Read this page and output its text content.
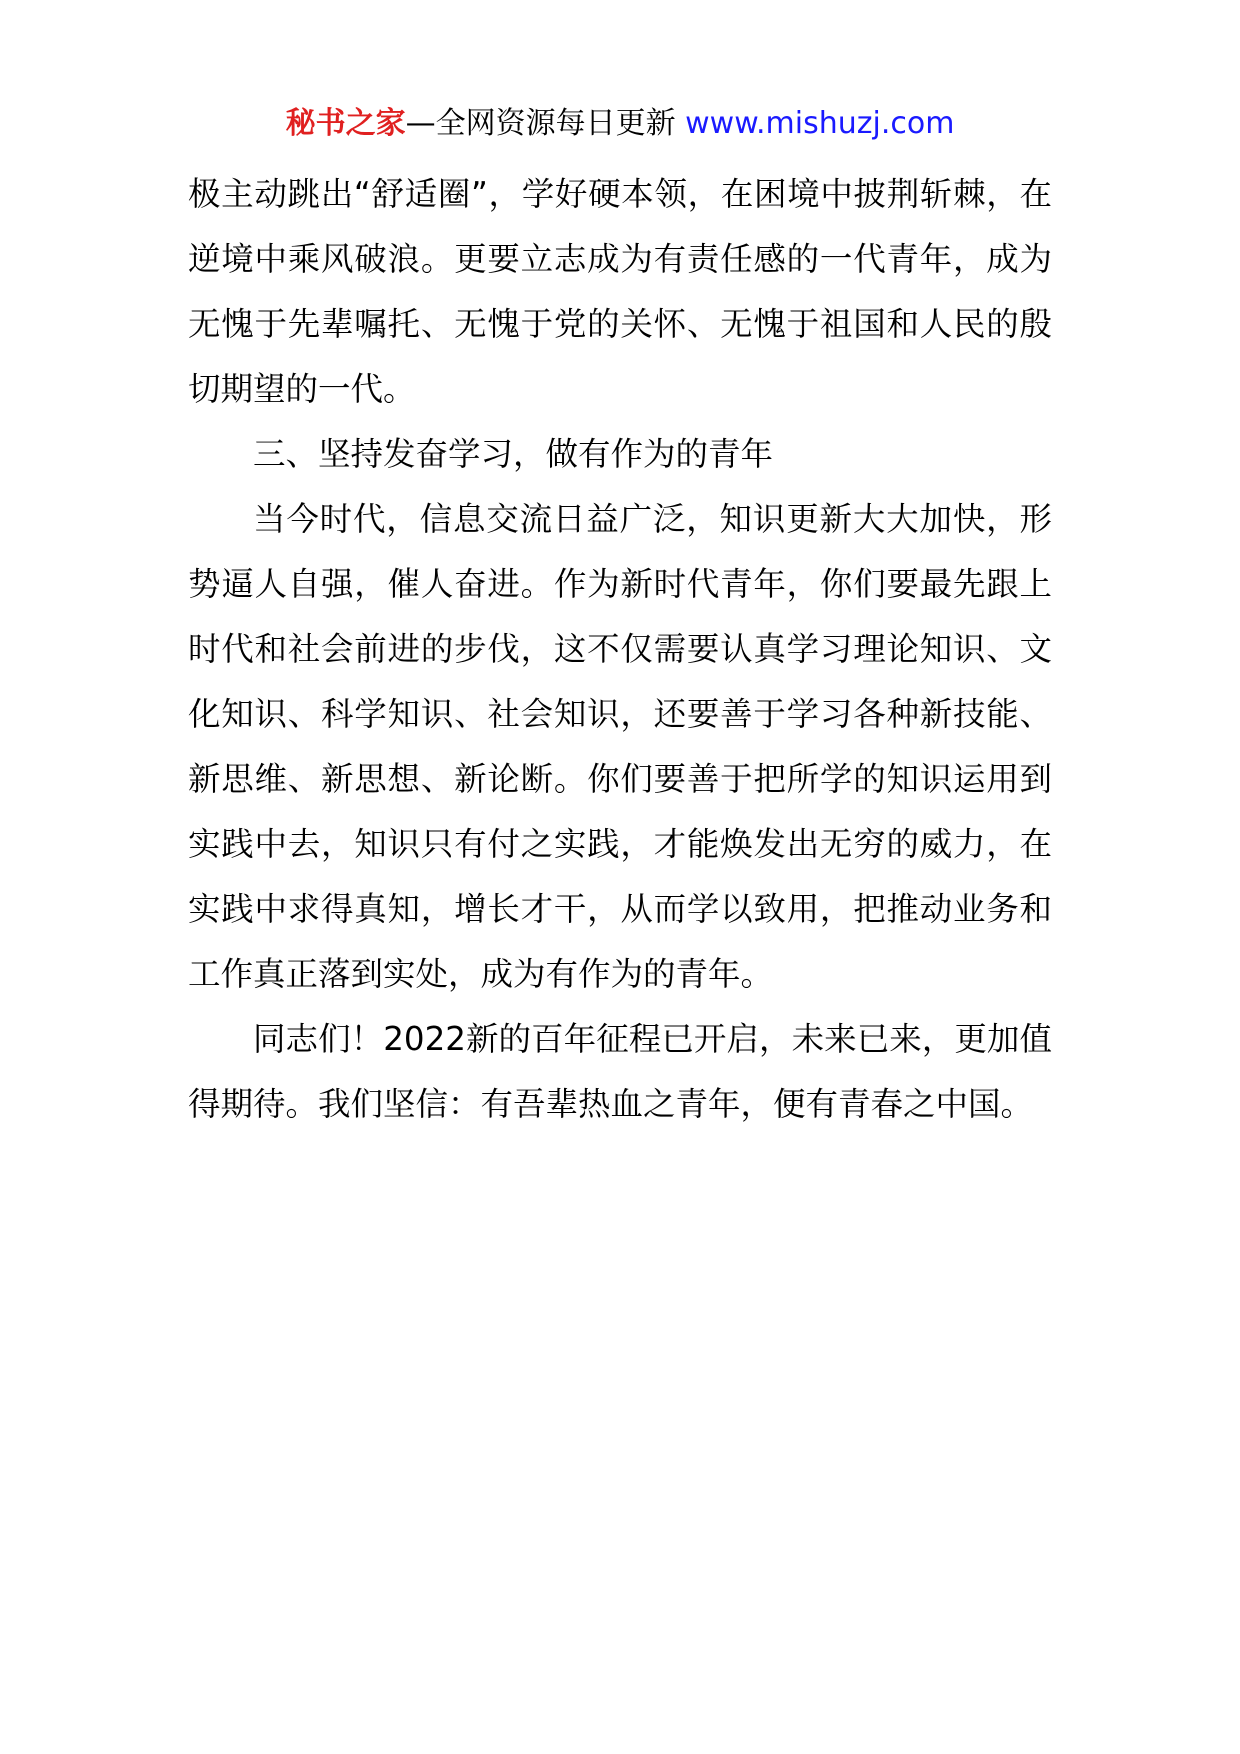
秘书之家—全网资源每日更新 www.mishuzj.com

极主动跳出“舒适圈”，学好硬本领，在困境中披荆斩棘，在逆境中乘风破浪。更要立志成为有责任感的一代青年，成为无愧于先辈嘱托、无愧于党的关怀、无愧于祖国和人民的殷切期望的一代。

三、坚持发奋学习，做有作为的青年

当今时代，信息交流日益广泛，知识更新大大加快，形势逼人自强，催人奋进。作为新时代青年，你们要最先跟上时代和社会前进的步伐，这不仅需要认真学习理论知识、文化知识、科学知识、社会知识，还要善于学习各种新技能、新思维、新思想、新论断。你们要善于把所学的知识运用到实践中去，知识只有付之实践，才能焕发出无穷的威力，在实践中求得真知，增长才干，从而学以致用，把推动业务和工作真正落到实处，成为有作为的青年。

同志们！2022新的百年征程已开启，未来已来，更加值得期待。我们坚信：有吾辈热血之青年，便有青春之中国。
